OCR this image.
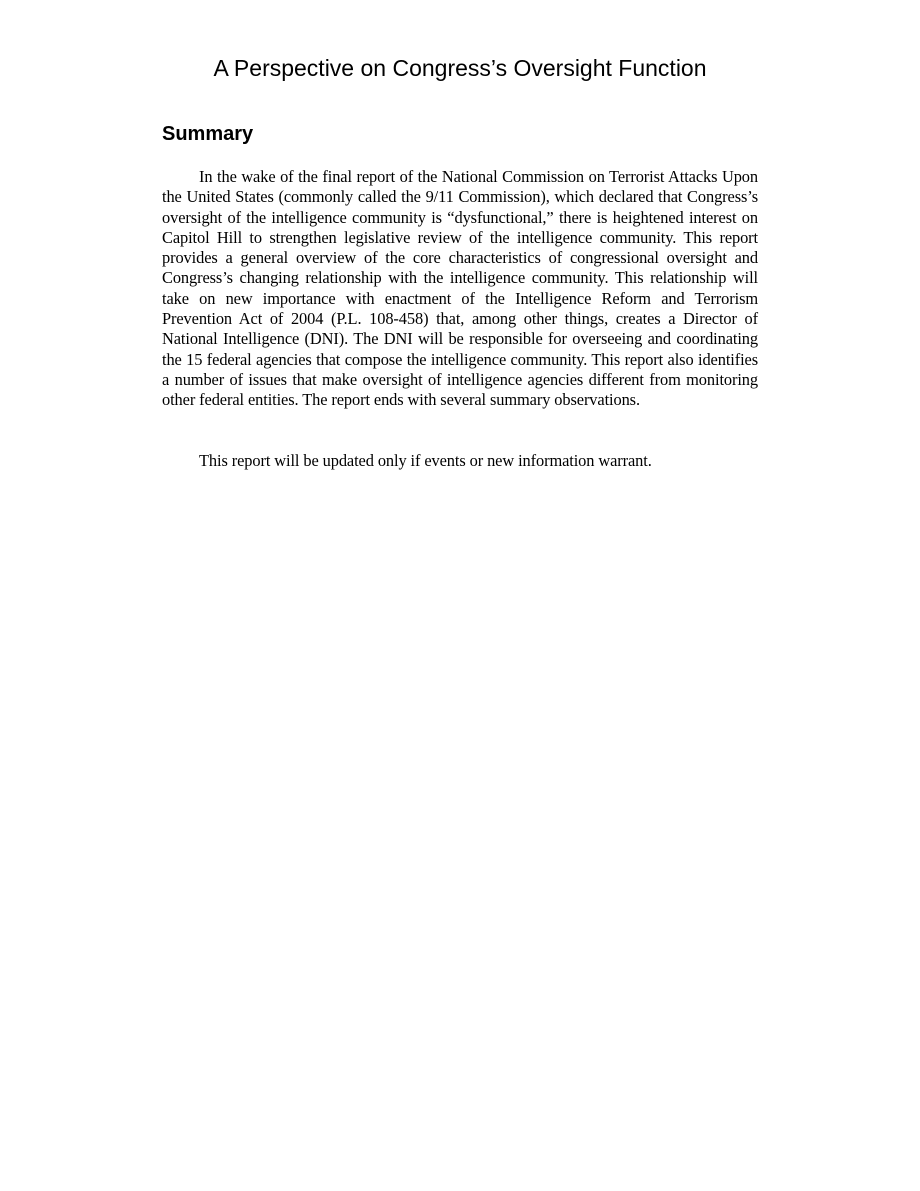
A Perspective on Congress’s Oversight Function
Summary

In the wake of the final report of the National Commission on Terrorist Attacks Upon the United States (commonly called the 9/11 Commission), which declared that Congress’s oversight of the intelligence community is “dysfunctional,” there is heightened interest on Capitol Hill to strengthen legislative review of the intelligence community. This report provides a general overview of the core characteristics of congressional oversight and Congress’s changing relationship with the intelligence community. This relationship will take on new importance with enactment of the Intelligence Reform and Terrorism Prevention Act of 2004 (P.L. 108-458) that, among other things, creates a Director of National Intelligence (DNI). The DNI will be responsible for overseeing and coordinating the 15 federal agencies that compose the intelligence community. This report also identifies a number of issues that make oversight of intelligence agencies different from monitoring other federal entities. The report ends with several summary observations.

This report will be updated only if events or new information warrant.
